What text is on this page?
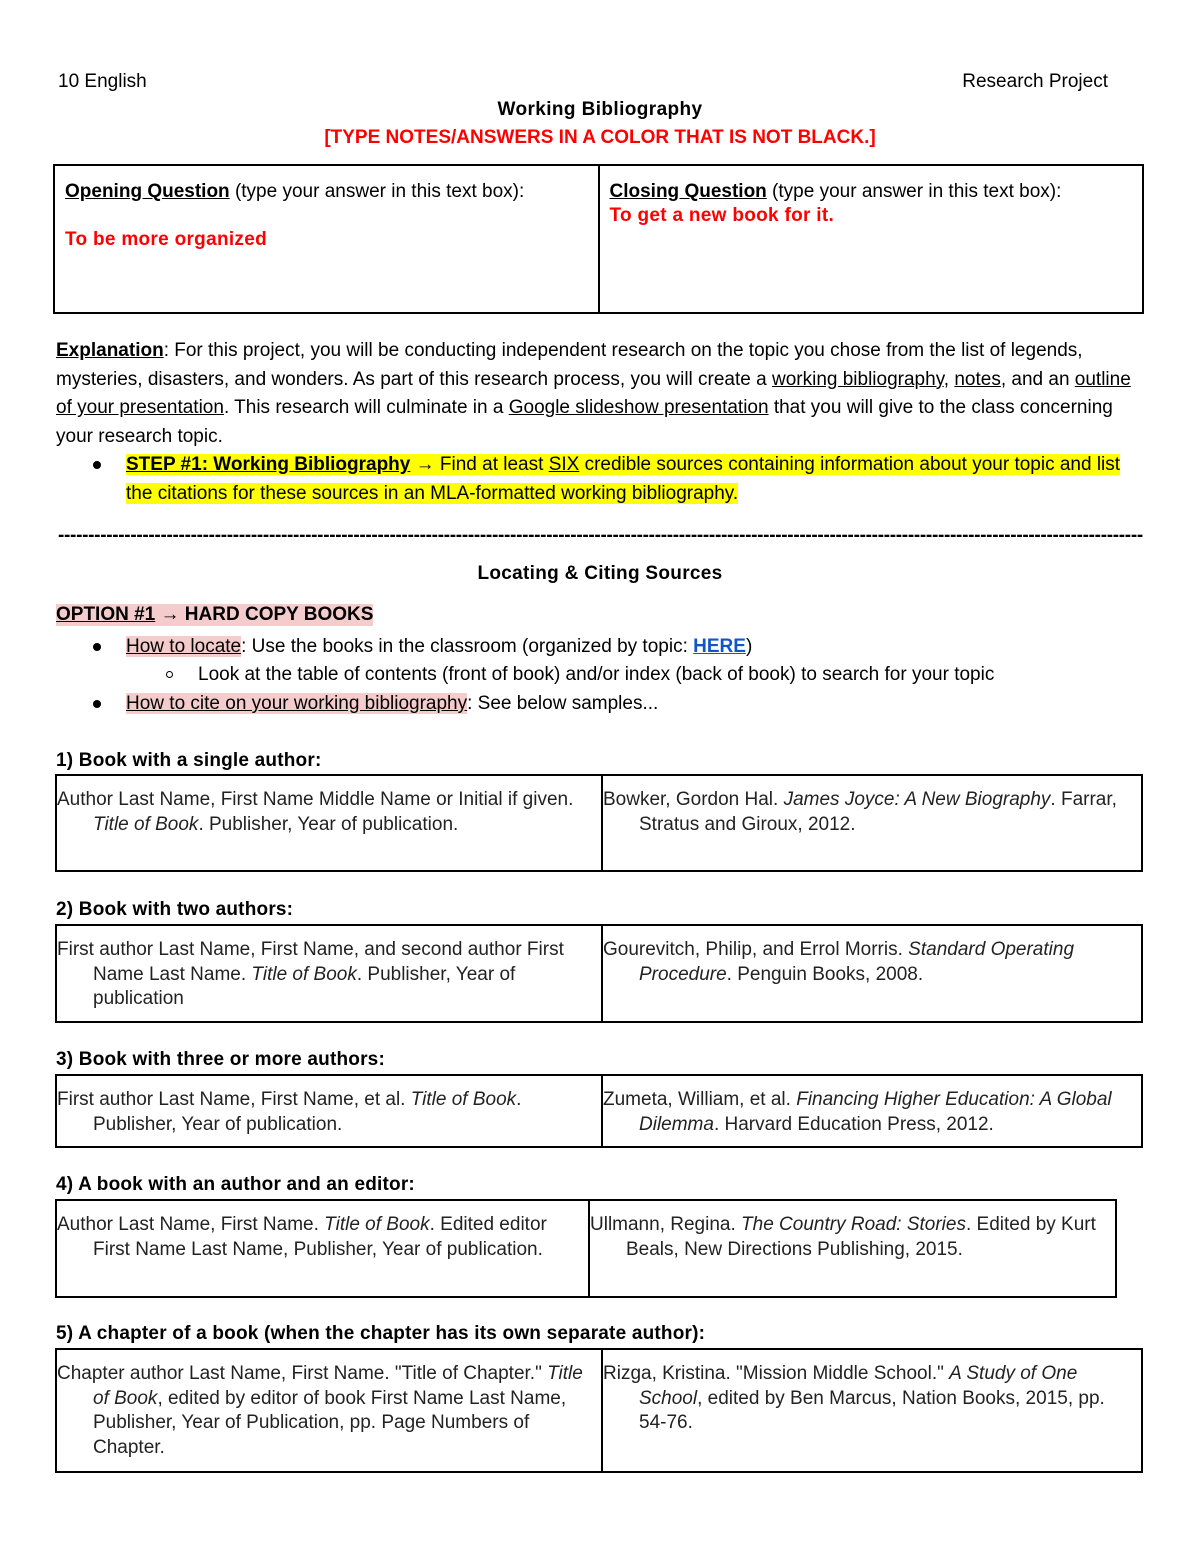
10 English	Research Project
Working Bibliography
[TYPE NOTES/ANSWERS IN A COLOR THAT IS NOT BLACK.]
Opening Question (type your answer in this text box):
To be more organized
Closing Question (type your answer in this text box):
To get a new book for it.
Explanation: For this project, you will be conducting independent research on the topic you chose from the list of legends, mysteries, disasters, and wonders. As part of this research process, you will create a working bibliography, notes, and an outline of your presentation. This research will culminate in a Google slideshow presentation that you will give to the class concerning your research topic.
STEP #1: Working Bibliography → Find at least SIX credible sources containing information about your topic and list the citations for these sources in an MLA-formatted working bibliography.
------------------------------------------------------------------------------------------------------------------------------------------------------------------------------------
Locating & Citing Sources
OPTION #1 → HARD COPY BOOKS
How to locate: Use the books in the classroom (organized by topic: HERE)
Look at the table of contents (front of book) and/or index (back of book) to search for your topic
How to cite on your working bibliography: See below samples...
1) Book with a single author:
Author Last Name, First Name Middle Name or Initial if given. Title of Book. Publisher, Year of publication.
Bowker, Gordon Hal. James Joyce: A New Biography. Farrar, Stratus and Giroux, 2012.
2) Book with two authors:
First author Last Name, First Name, and second author First Name Last Name. Title of Book. Publisher, Year of publication
Gourevitch, Philip, and Errol Morris. Standard Operating Procedure. Penguin Books, 2008.
3) Book with three or more authors:
First author Last Name, First Name, et al. Title of Book. Publisher, Year of publication.
Zumeta, William, et al. Financing Higher Education: A Global Dilemma. Harvard Education Press, 2012.
4) A book with an author and an editor:
Author Last Name, First Name. Title of Book. Edited editor First Name Last Name, Publisher, Year of publication.
Ullmann, Regina. The Country Road: Stories. Edited by Kurt Beals, New Directions Publishing, 2015.
5) A chapter of a book (when the chapter has its own separate author):
Chapter author Last Name, First Name. "Title of Chapter." Title of Book, edited by editor of book First Name Last Name, Publisher, Year of Publication, pp. Page Numbers of Chapter.
Rizga, Kristina. "Mission Middle School." A Study of One School, edited by Ben Marcus, Nation Books, 2015, pp. 54-76.
